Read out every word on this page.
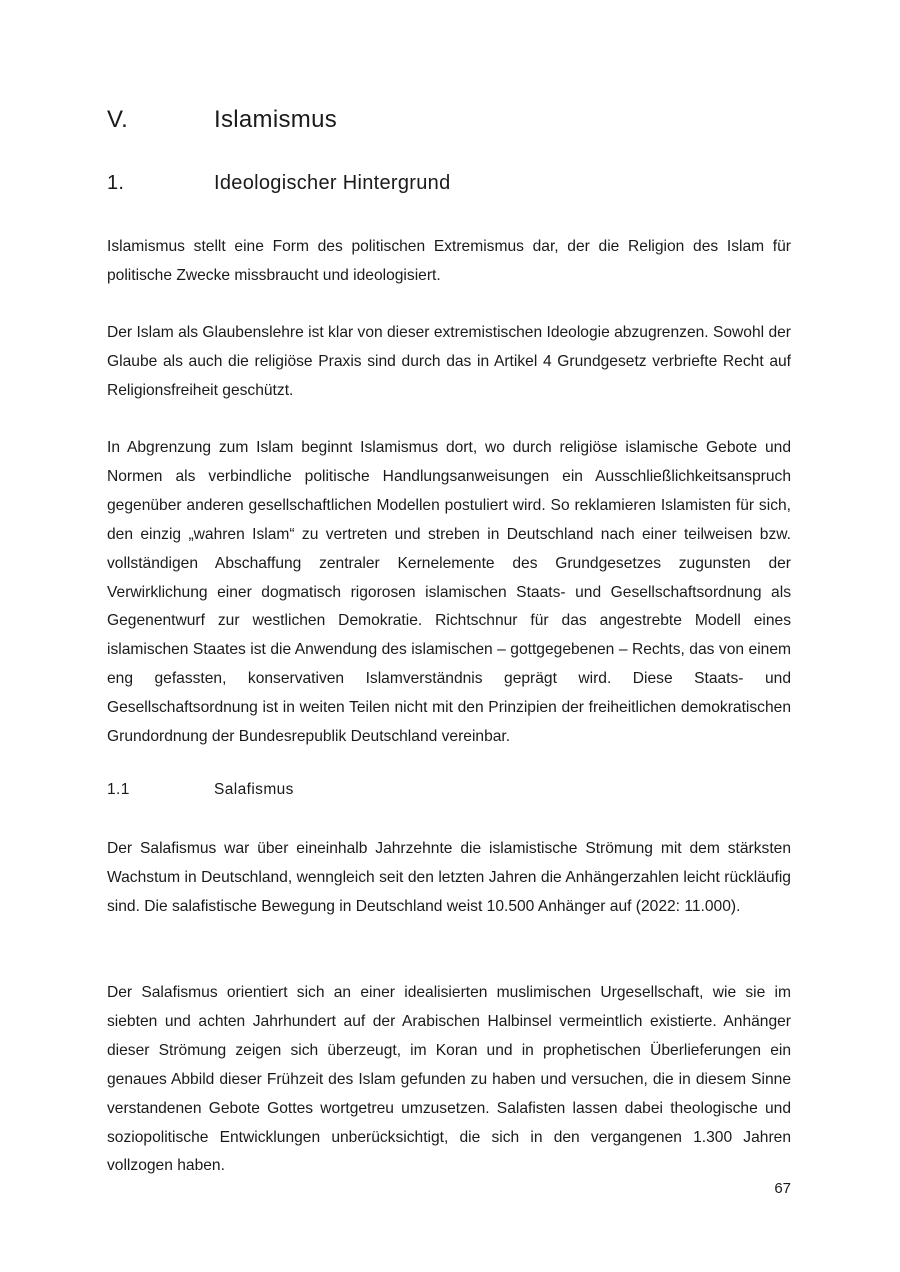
V.	Islamismus
1.	Ideologischer Hintergrund

Islamismus stellt eine Form des politischen Extremismus dar, der die Religion des Islam für politische Zwecke missbraucht und ideologisiert.

Der Islam als Glaubenslehre ist klar von dieser extremistischen Ideologie abzugrenzen. Sowohl der Glaube als auch die religiöse Praxis sind durch das in Artikel 4 Grundgesetz verbriefte Recht auf Religionsfreiheit geschützt.

In Abgrenzung zum Islam beginnt Islamismus dort, wo durch religiöse islamische Gebote und Normen als verbindliche politische Handlungsanweisungen ein Ausschließlichkeitsanspruch gegenüber anderen gesellschaftlichen Modellen postuliert wird. So reklamieren Islamisten für sich, den einzig „wahren Islam“ zu vertreten und streben in Deutschland nach einer teilweisen bzw. vollständigen Abschaffung zentraler Kernelemente des Grundgesetzes zugunsten der Verwirklichung einer dogmatisch rigorosen islamischen Staats- und Gesellschaftsordnung als Gegenentwurf zur westlichen Demokratie. Richtschnur für das angestrebte Modell eines islamischen Staates ist die Anwendung des islamischen – gottgegebenen – Rechts, das von einem eng gefassten, konservativen Islamverständnis geprägt wird. Diese Staats- und Gesellschaftsordnung ist in weiten Teilen nicht mit den Prinzipien der freiheitlichen demokratischen Grundordnung der Bundesrepublik Deutschland vereinbar.

1.1	Salafismus

Der Salafismus war über eineinhalb Jahrzehnte die islamistische Strömung mit dem stärksten Wachstum in Deutschland, wenngleich seit den letzten Jahren die Anhängerzahlen leicht rückläufig sind. Die salafistische Bewegung in Deutschland weist 10.500 Anhänger auf (2022: 11.000).

Der Salafismus orientiert sich an einer idealisierten muslimischen Urgesellschaft, wie sie im siebten und achten Jahrhundert auf der Arabischen Halbinsel vermeintlich existierte. Anhänger dieser Strömung zeigen sich überzeugt, im Koran und in prophetischen Überlieferungen ein genaues Abbild dieser Frühzeit des Islam gefunden zu haben und versuchen, die in diesem Sinne verstandenen Gebote Gottes wortgetreu umzusetzen. Salafisten lassen dabei theologische und soziopolitische Entwicklungen unberücksichtigt, die sich in den vergangenen 1.300 Jahren vollzogen haben.

67
